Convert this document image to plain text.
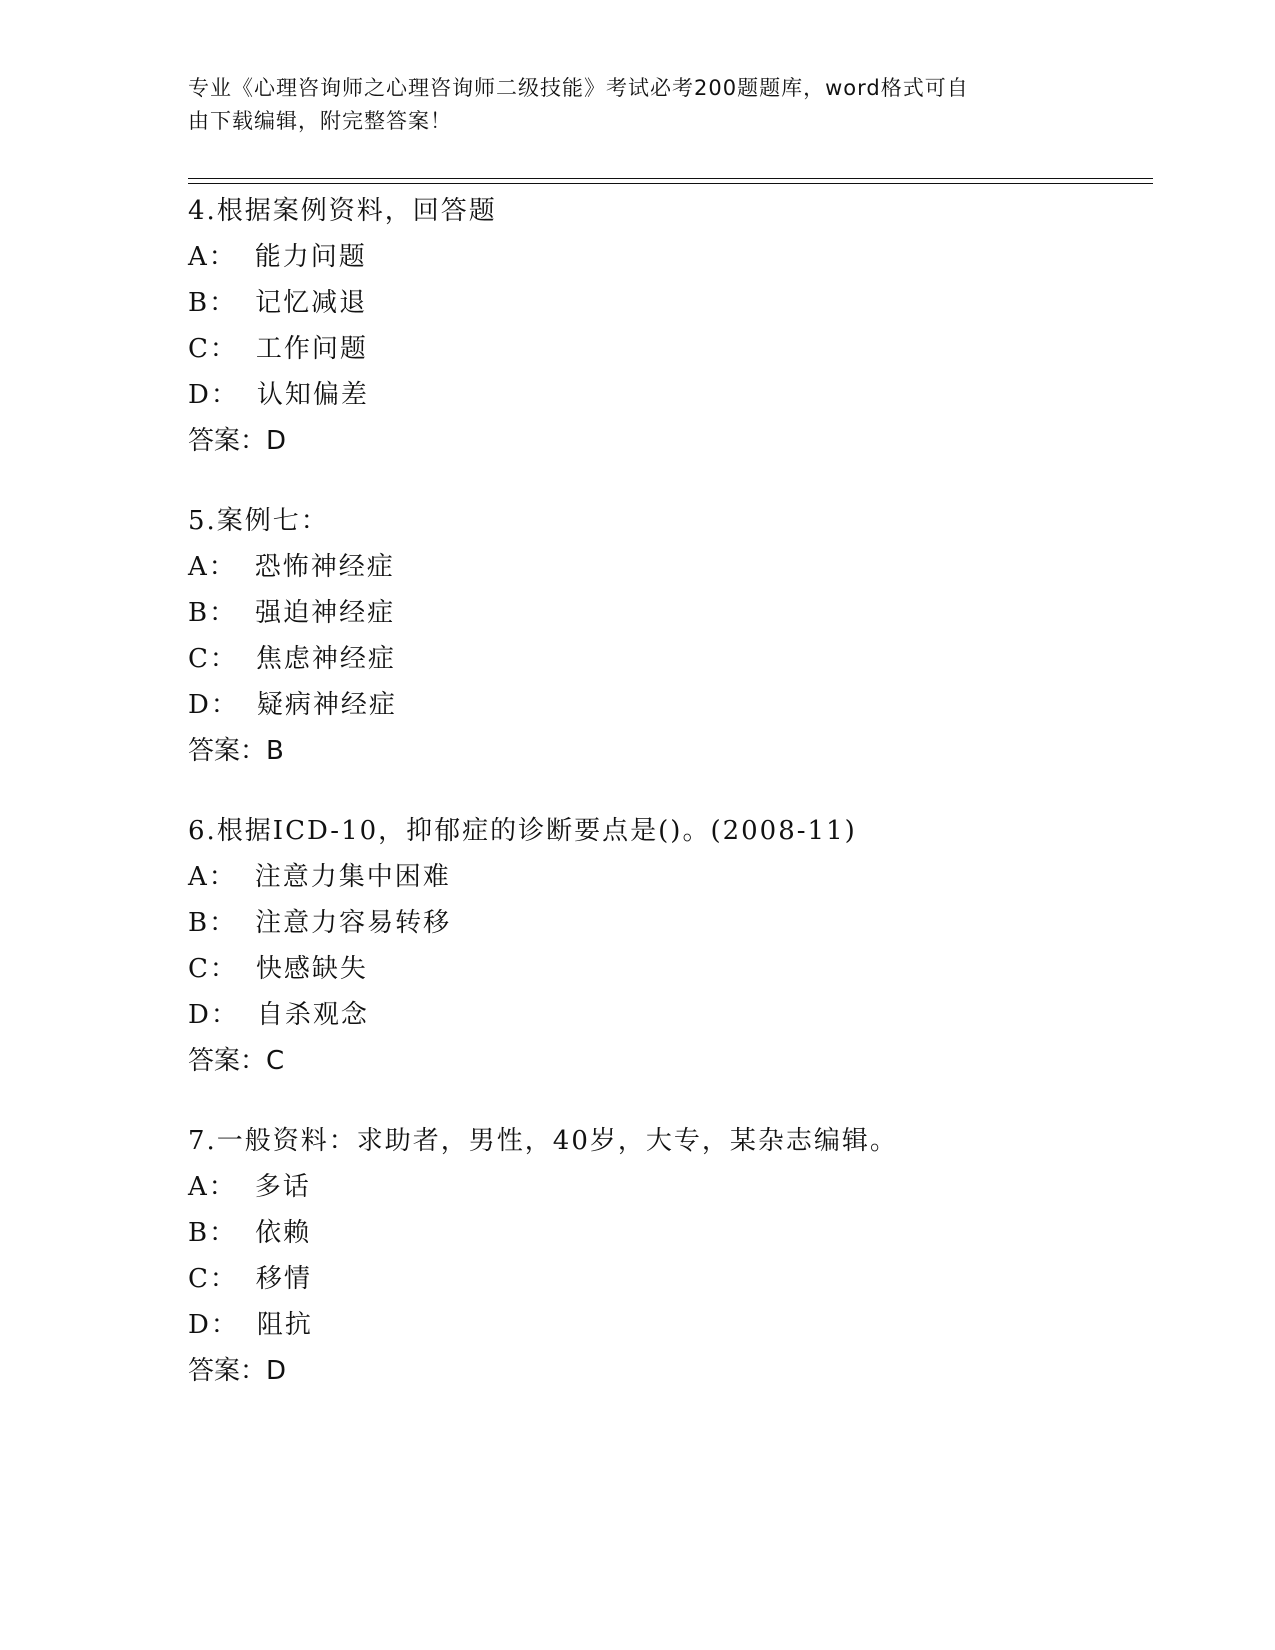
专业《心理咨询师之心理咨询师二级技能》考试必考200题题库，word格式可自
由下载编辑，附完整答案！
4.根据案例资料，回答题
A： 能力问题
B： 记忆减退
C： 工作问题
D： 认知偏差
答案：D
5.案例七：
A： 恐怖神经症
B： 强迫神经症
C： 焦虑神经症
D： 疑病神经症
答案：B
6.根据ICD-10，抑郁症的诊断要点是()。(2008-11)
A： 注意力集中困难
B： 注意力容易转移
C： 快感缺失
D： 自杀观念
答案：C
7.一般资料：求助者，男性，40岁，大专，某杂志编辑。
A： 多话
B： 依赖
C： 移情
D： 阻抗
答案：D
